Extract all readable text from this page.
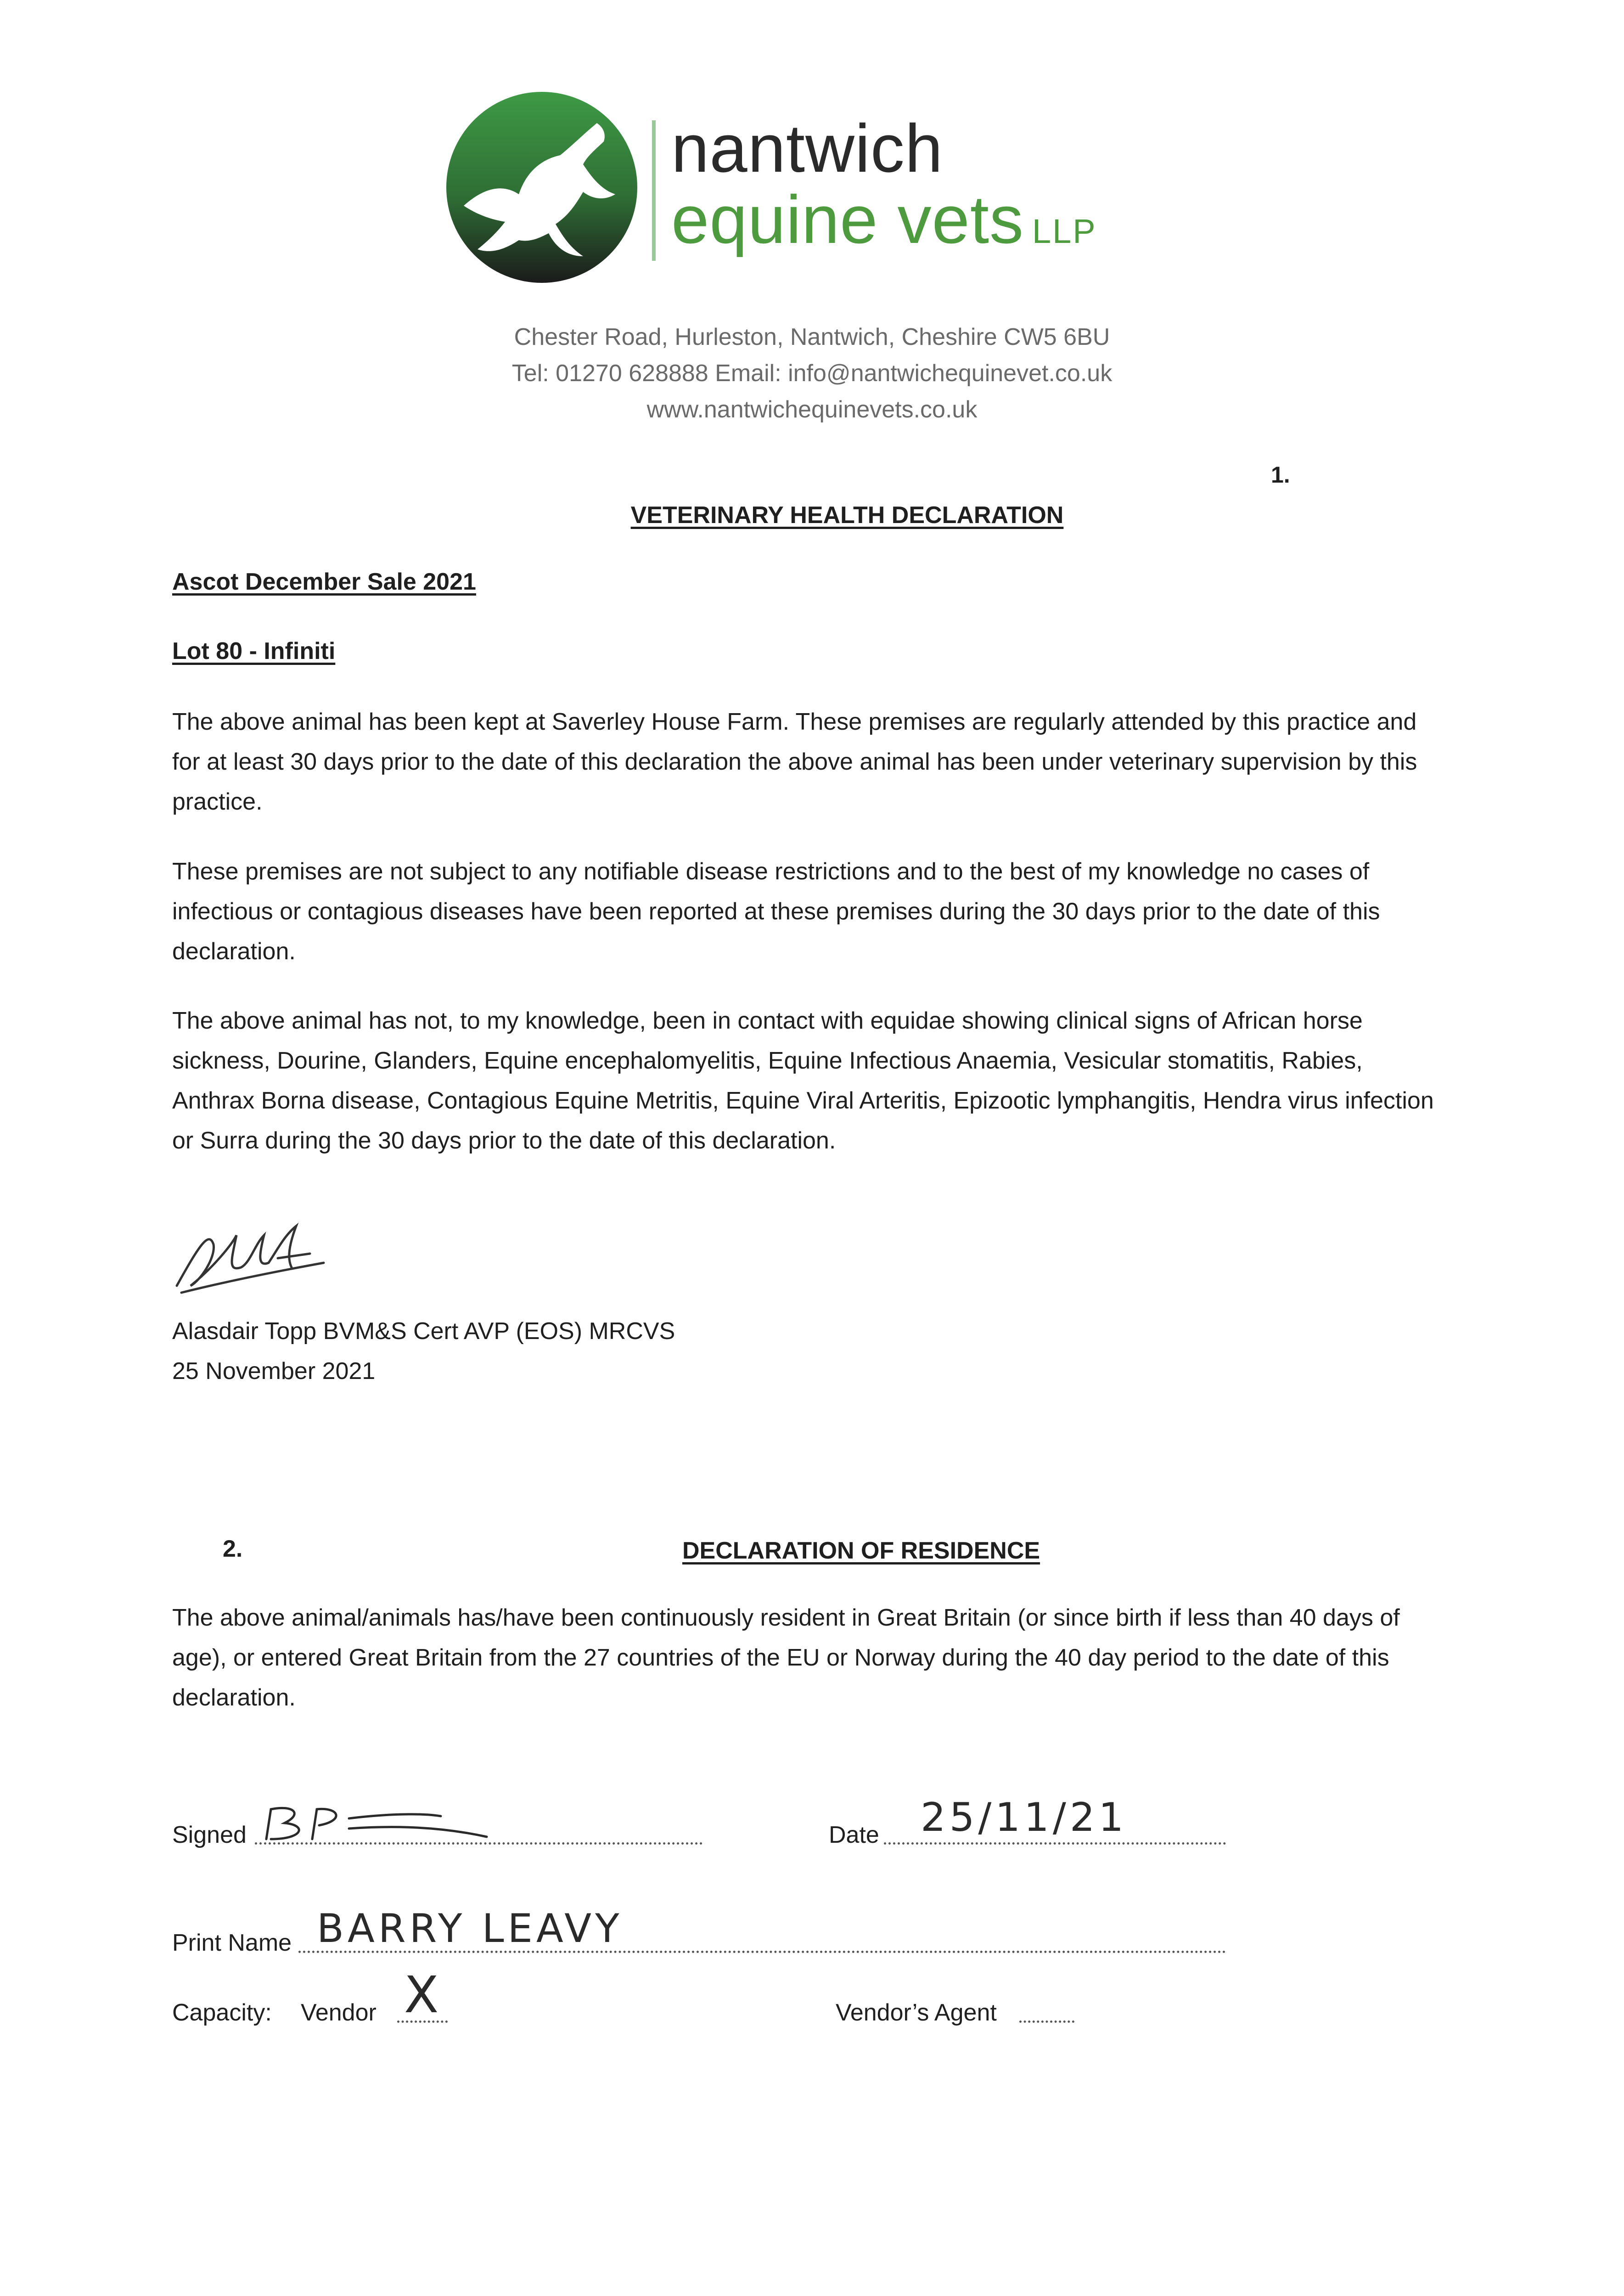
nantwich
equine vets LLP
Chester Road, Hurleston, Nantwich, Cheshire CW5 6BU
Tel: 01270 628888 Email: info@nantwichequinevet.co.uk
www.nantwichequinevets.co.uk
1.
VETERINARY HEALTH DECLARATION
Ascot December Sale 2021
Lot 80 - Infiniti
The above animal has been kept at Saverley House Farm. These premises are regularly attended by this practice and for at least 30 days prior to the date of this declaration the above animal has been under veterinary supervision by this practice.
These premises are not subject to any notifiable disease restrictions and to the best of my knowledge no cases of infectious or contagious diseases have been reported at these premises during the 30 days prior to the date of this declaration.
The above animal has not, to my knowledge, been in contact with equidae showing clinical signs of African horse sickness, Dourine, Glanders, Equine encephalomyelitis, Equine Infectious Anaemia, Vesicular stomatitis, Rabies, Anthrax Borna disease, Contagious Equine Metritis, Equine Viral Arteritis, Epizootic lymphangitis, Hendra virus infection or Surra during the 30 days prior to the date of this declaration.
Alasdair Topp BVM&S Cert AVP (EOS) MRCVS
25 November 2021
2.	DECLARATION OF RESIDENCE
The above animal/animals has/have been continuously resident in Great Britain (or since birth if less than 40 days of age), or entered Great Britain from the 27 countries of the EU or Norway during the 40 day period to the date of this declaration.
Signed	Date 25/11/21
Print Name BARRY LEAVY
Capacity: Vendor X	Vendor’s Agent
